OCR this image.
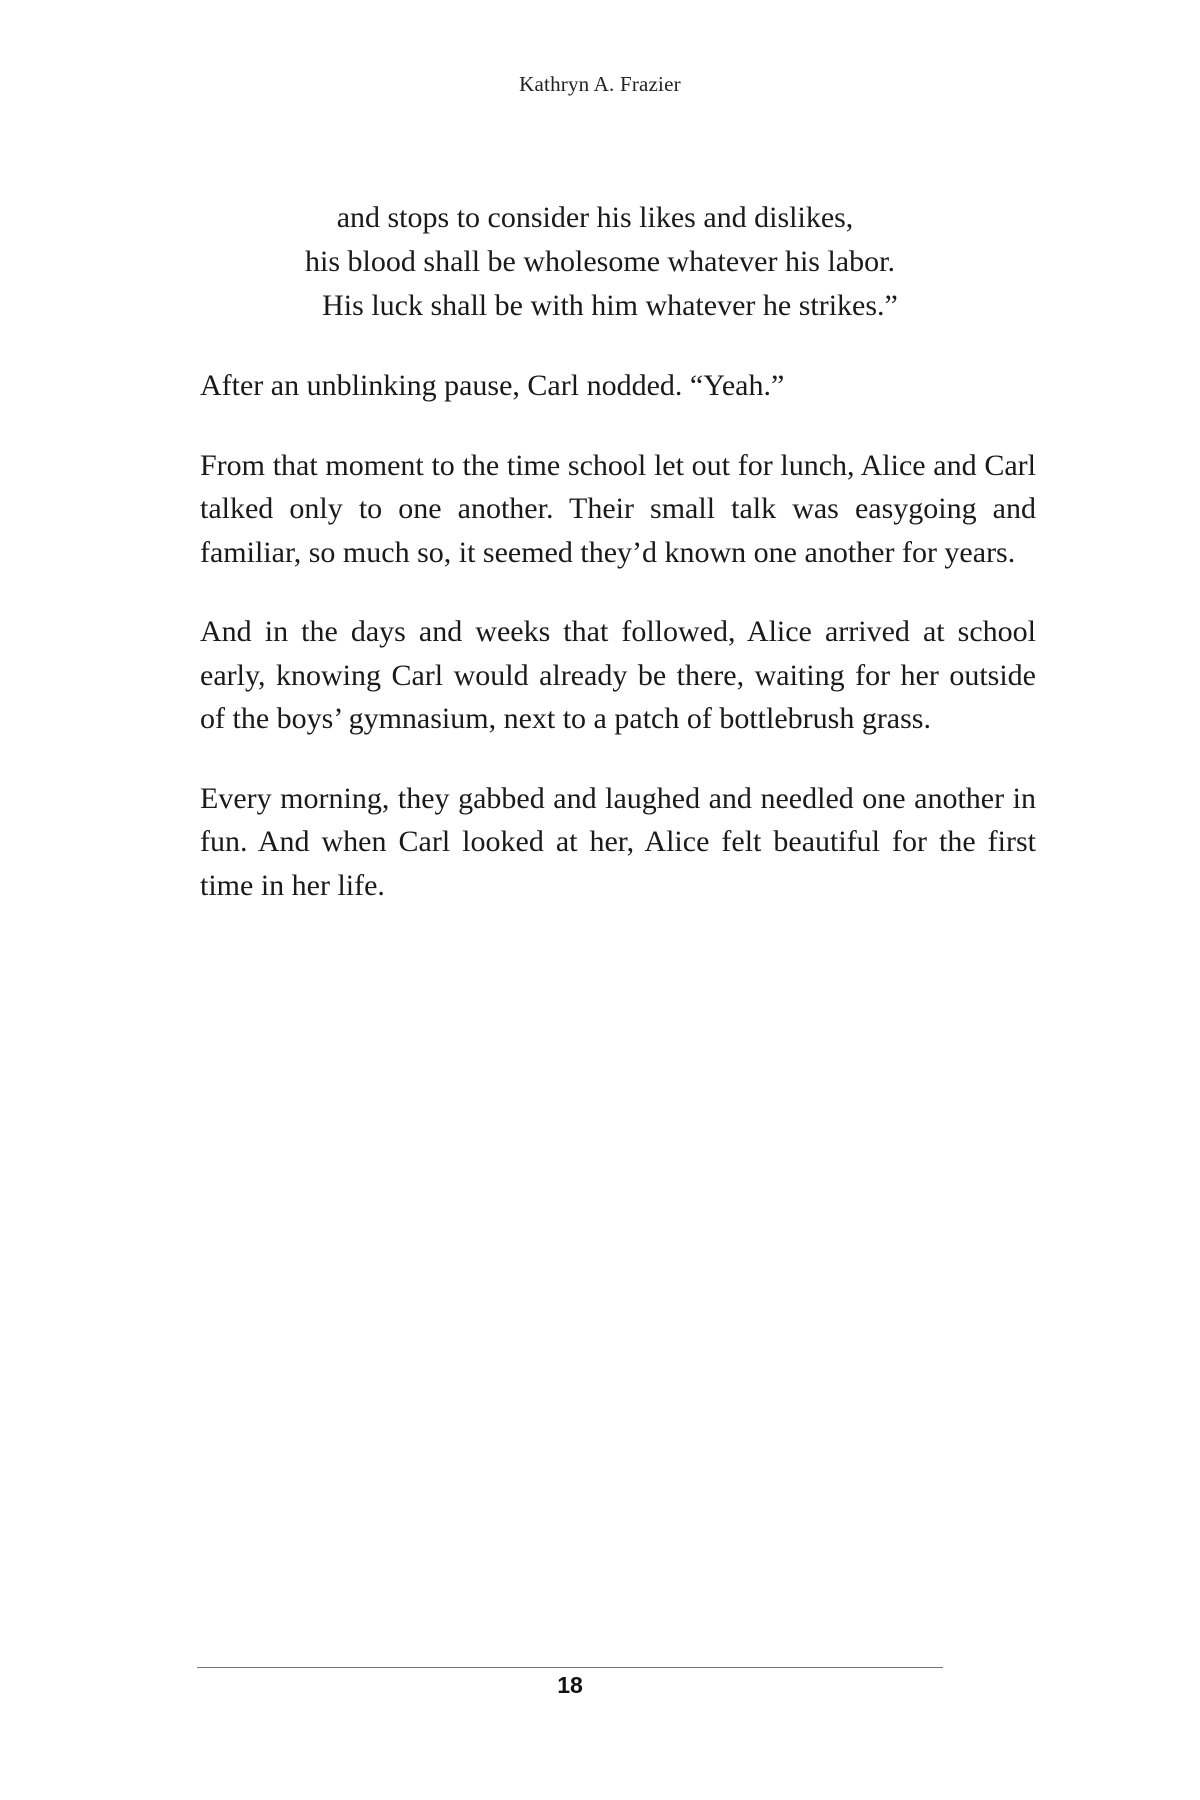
Kathryn A. Frazier
and stops to consider his likes and dislikes,
his blood shall be wholesome whatever his labor.
His luck shall be with him whatever he strikes.”

After an unblinking pause, Carl nodded. “Yeah.”

From that moment to the time school let out for lunch, Alice and Carl talked only to one another. Their small talk was easygoing and familiar, so much so, it seemed they’d known one another for years.

And in the days and weeks that followed, Alice arrived at school early, knowing Carl would already be there, waiting for her outside of the boys’ gymnasium, next to a patch of bottlebrush grass.

Every morning, they gabbed and laughed and needled one another in fun. And when Carl looked at her, Alice felt beautiful for the first time in her life.

18
